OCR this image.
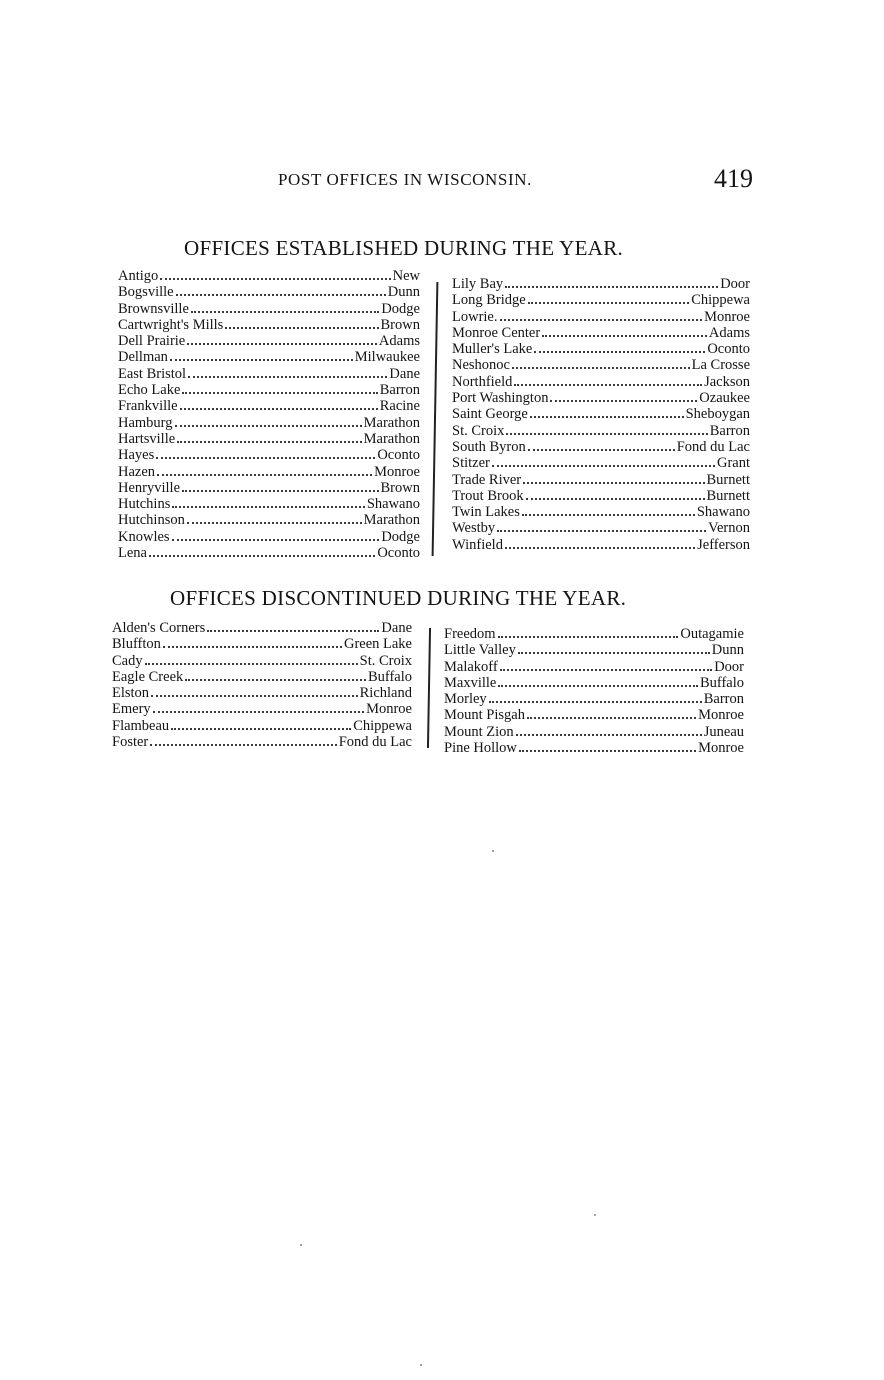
POST OFFICES IN WISCONSIN.	419
OFFICES ESTABLISHED DURING THE YEAR.
Antigo	New
Bogsville	Dunn
Brownsville	Dodge
Cartwright's Mills	Brown
Dell Prairie	Adams
Dellman	Milwaukee
East Bristol	Dane
Echo Lake	Barron
Frankville	Racine
Hamburg	Marathon
Hartsville	Marathon
Hayes	Oconto
Hazen	Monroe
Henryville	Brown
Hutchins	Shawano
Hutchinson	Marathon
Knowles	Dodge
Lena	Oconto
Lily Bay	Door
Long Bridge	Chippewa
Lowrie.	Monroe
Monroe Center	Adams
Muller's Lake	Oconto
Neshonoc	La Crosse
Northfield	Jackson
Port Washington	Ozaukee
Saint George	Sheboygan
St. Croix	Barron
South Byron	Fond du Lac
Stitzer	Grant
Trade River	Burnett
Trout Brook	Burnett
Twin Lakes	Shawano
Westby	Vernon
Winfield	Jefferson
OFFICES DISCONTINUED DURING THE YEAR.
Alden's Corners	Dane
Bluffton	Green Lake
Cady	St. Croix
Eagle Creek	Buffalo
Elston	Richland
Emery	Monroe
Flambeau	Chippewa
Foster	Fond du Lac
Freedom	Outagamie
Little Valley	Dunn
Malakoff	Door
Maxville	Buffalo
Morley	Barron
Mount Pisgah	Monroe
Mount Zion	Juneau
Pine Hollow	Monroe
